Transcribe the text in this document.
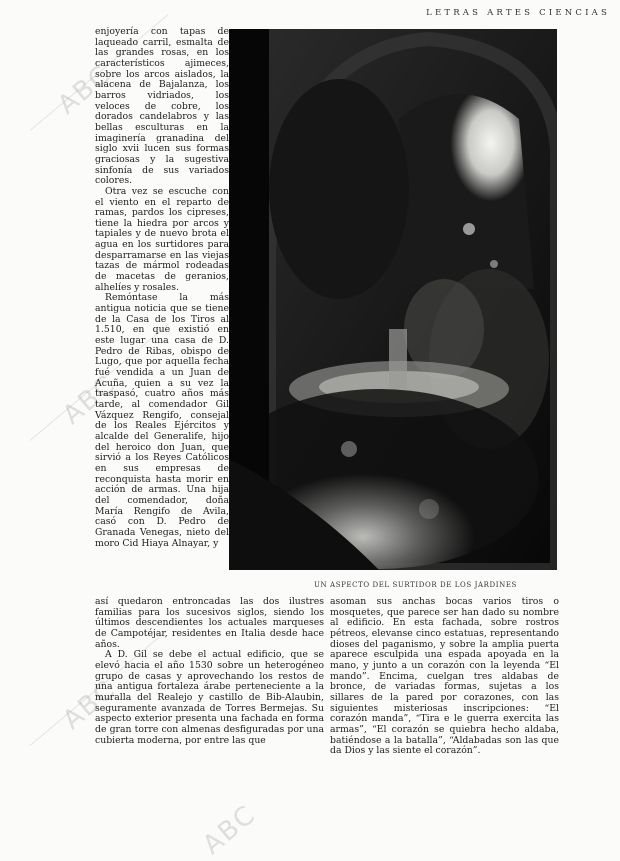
ABC
ABC
ABC
ABC
LETRAS ARTES CIENCIAS

enjoyería con tapas de laqueado carril, esmalta de las grandes rosas, en los característicos ajimeces, sobre los arcos aislados, la alacena de Bajalanza, los barros vidriados, los veloces de cobre, los dorados candelabros y las bellas esculturas en la imaginería granadina del siglo xvii lucen sus formas graciosas y la sugestiva sinfonía de sus variados colores.

Otra vez se escuche con el viento en el reparto de ramas, pardos los cipreses, tiene la hiedra por arcos y tapiales y de nuevo brota el agua en los surtidores para desparramarse en las viejas tazas de mármol rodeadas de macetas de geranios, alhelíes y rosales.

Remóntase la más antigua noticia que se tiene de la Casa de los Tiros al 1.510, en que existió en este lugar una casa de D. Pedro de Ribas, obispo de Lugo, que por aquella fecha fué vendida a un Juan de Acuña, quien a su vez la traspasó, cuatro años más tarde, al comendador Gil Vázquez Rengifo, consejal de los Reales Ejércitos y alcalde del Generalife, hijo del heroico don Juan, que sirvió a los Reyes Católicos en sus empresas de reconquista hasta morir en acción de armas. Una hija del comendador, doña María Rengifo de Avila, casó con D. Pedro de Granada Venegas, nieto del moro Cid Hiaya Alnayar, y

UN ASPECTO DEL SURTIDOR DE LOS JARDINES

así quedaron entroncadas las dos ilustres familias para los sucesivos siglos, siendo los últimos descendientes los actuales marqueses de Campotéjar, residentes en Italia desde hace años.

A D. Gil se debe el actual edificio, que se elevó hacia el año 1530 sobre un heterogéneo grupo de casas y aprovechando los restos de una antigua fortaleza árabe perteneciente a la muralla del Realejo y castillo de Bib-Alaubin, seguramente avanzada de Torres Bermejas. Su aspecto exterior presenta una fachada en forma de gran torre con almenas desfiguradas por una cubierta moderna, por entre las que

asoman sus anchas bocas varios tiros o mosquetes, que parece ser han dado su nombre al edificio. En esta fachada, sobre rostros pétreos, elevanse cinco estatuas, representando dioses del paganismo, y sobre la amplia puerta aparece esculpida una espada apoyada en la mano, y junto a un corazón con la leyenda “El mando”. Encima, cuelgan tres aldabas de bronce, de variadas formas, sujetas a los sillares de la pared por corazones, con las siguientes misteriosas inscripciones: “El corazón manda”, “Tira e le guerra exercita las armas”, “El corazón se quiebra hecho aldaba, batiéndose a la batalla”, “Aldabadas son las que da Dios y las siente el corazón”.
